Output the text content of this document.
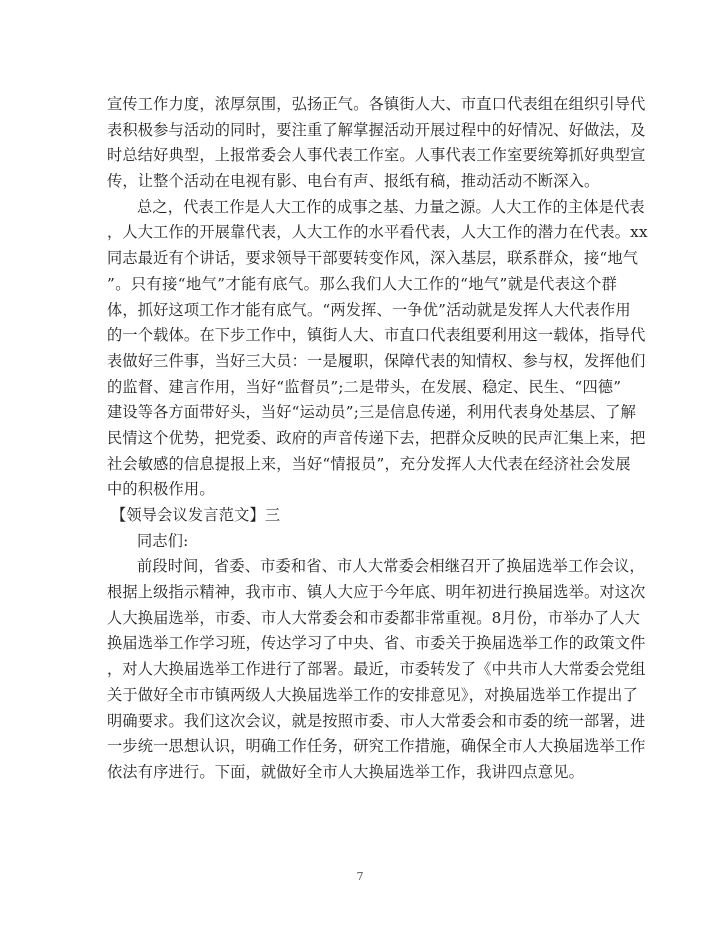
宣传工作力度，浓厚氛围，弘扬正气。各镇街人大、市直口代表组在组织引导代
表积极参与活动的同时，要注重了解掌握活动开展过程中的好情况、好做法，及
时总结好典型，上报常委会人事代表工作室。人事代表工作室要统筹抓好典型宣
传，让整个活动在电视有影、电台有声、报纸有稿，推动活动不断深入。
总之，代表工作是人大工作的成事之基、力量之源。人大工作的主体是代表
，人大工作的开展靠代表，人大工作的水平看代表，人大工作的潜力在代表。xx
同志最近有个讲话，要求领导干部要转变作风，深入基层，联系群众，接“地气
”。只有接“地气”才能有底气。那么我们人大工作的“地气”就是代表这个群
体，抓好这项工作才能有底气。“两发挥、一争优”活动就是发挥人大代表作用
的一个载体。在下步工作中，镇街人大、市直口代表组要利用这一载体，指导代
表做好三件事，当好三大员：一是履职，保障代表的知情权、参与权，发挥他们
的监督、建言作用，当好“监督员”;二是带头，在发展、稳定、民生、“四德”
建设等各方面带好头，当好“运动员”;三是信息传递，利用代表身处基层、了解
民情这个优势，把党委、政府的声音传递下去，把群众反映的民声汇集上来，把
社会敏感的信息提报上来，当好“情报员”，充分发挥人大代表在经济社会发展
中的积极作用。
【领导会议发言范文】三
同志们:
前段时间，省委、市委和省、市人大常委会相继召开了换届选举工作会议，
根据上级指示精神，我市市、镇人大应于今年底、明年初进行换届选举。对这次
人大换届选举，市委、市人大常委会和市委都非常重视。8月份，市举办了人大
换届选举工作学习班，传达学习了中央、省、市委关于换届选举工作的政策文件
，对人大换届选举工作进行了部署。最近，市委转发了《中共市人大常委会党组
关于做好全市市镇两级人大换届选举工作的安排意见》，对换届选举工作提出了
明确要求。我们这次会议，就是按照市委、市人大常委会和市委的统一部署，进
一步统一思想认识，明确工作任务，研究工作措施，确保全市人大换届选举工作
依法有序进行。下面，就做好全市人大换届选举工作，我讲四点意见。
7
